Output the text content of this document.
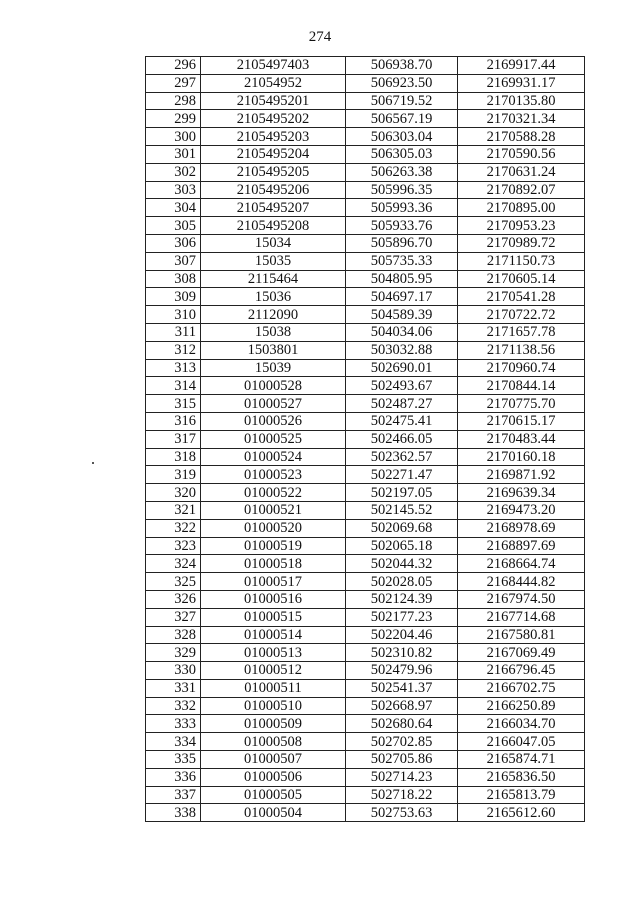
274
296	2105497403	506938.70	2169917.44
297	21054952	506923.50	2169931.17
298	2105495201	506719.52	2170135.80
299	2105495202	506567.19	2170321.34
300	2105495203	506303.04	2170588.28
301	2105495204	506305.03	2170590.56
302	2105495205	506263.38	2170631.24
303	2105495206	505996.35	2170892.07
304	2105495207	505993.36	2170895.00
305	2105495208	505933.76	2170953.23
306	15034	505896.70	2170989.72
307	15035	505735.33	2171150.73
308	2115464	504805.95	2170605.14
309	15036	504697.17	2170541.28
310	2112090	504589.39	2170722.72
311	15038	504034.06	2171657.78
312	1503801	503032.88	2171138.56
313	15039	502690.01	2170960.74
314	01000528	502493.67	2170844.14
315	01000527	502487.27	2170775.70
316	01000526	502475.41	2170615.17
317	01000525	502466.05	2170483.44
318	01000524	502362.57	2170160.18
319	01000523	502271.47	2169871.92
320	01000522	502197.05	2169639.34
321	01000521	502145.52	2169473.20
322	01000520	502069.68	2168978.69
323	01000519	502065.18	2168897.69
324	01000518	502044.32	2168664.74
325	01000517	502028.05	2168444.82
326	01000516	502124.39	2167974.50
327	01000515	502177.23	2167714.68
328	01000514	502204.46	2167580.81
329	01000513	502310.82	2167069.49
330	01000512	502479.96	2166796.45
331	01000511	502541.37	2166702.75
332	01000510	502668.97	2166250.89
333	01000509	502680.64	2166034.70
334	01000508	502702.85	2166047.05
335	01000507	502705.86	2165874.71
336	01000506	502714.23	2165836.50
337	01000505	502718.22	2165813.79
338	01000504	502753.63	2165612.60
